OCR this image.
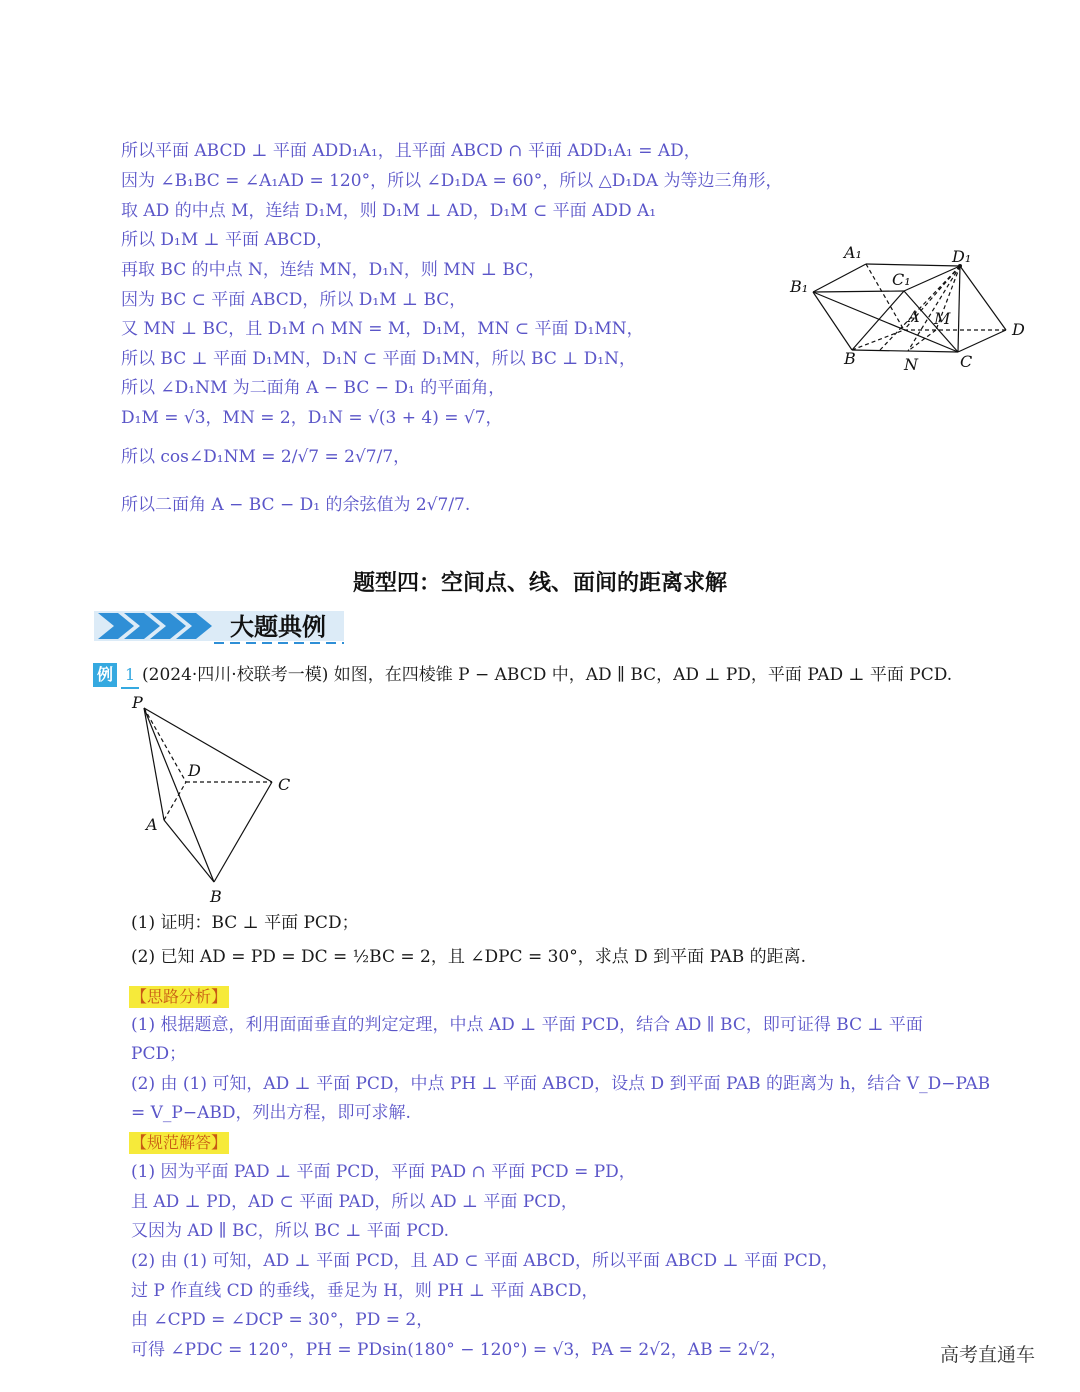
所以平面 ABCD ⊥ 平面 ADD₁A₁，且平面 ABCD ∩ 平面 ADD₁A₁ = AD，
因为 ∠B₁BC = ∠A₁AD = 120°，所以 ∠D₁DA = 60°，所以 △D₁DA 为等边三角形，
取 AD 的中点 M，连结 D₁M，则 D₁M ⊥ AD，D₁M ⊂ 平面 ADD A₁
所以 D₁M ⊥ 平面 ABCD，
再取 BC 的中点 N，连结 MN，D₁N，则 MN ⊥ BC，
因为 BC ⊂ 平面 ABCD，所以 D₁M ⊥ BC，
又 MN ⊥ BC，且 D₁M ∩ MN = M，D₁M，MN ⊂ 平面 D₁MN，
所以 BC ⊥ 平面 D₁MN，D₁N ⊂ 平面 D₁MN，所以 BC ⊥ D₁N，
所以 ∠D₁NM 为二面角 A − BC − D₁ 的平面角，
D₁M = √3，MN = 2，D₁N = √(3 + 4) = √7，
所以 cos∠D₁NM = 2/√7 = 2√7/7，
所以二面角 A − BC − D₁ 的余弦值为 2√7/7.
A₁	D₁
C₁
B₁
A M
D
B	N	C
题型四：空间点、线、面间的距离求解
大题典例
例 1 (2024·四川·校联考一模) 如图，在四棱锥 P − ABCD 中，AD ∥ BC，AD ⊥ PD，平面 PAD ⊥ 平面 PCD.
P
D
C
A
B
(1) 证明：BC ⊥ 平面 PCD；
(2) 已知 AD = PD = DC = ½BC = 2，且 ∠DPC = 30°，求点 D 到平面 PAB 的距离.
【思路分析】
(1) 根据题意，利用面面垂直的判定定理，中点 AD ⊥ 平面 PCD，结合 AD ∥ BC，即可证得 BC ⊥ 平面
PCD；
(2) 由 (1) 可知，AD ⊥ 平面 PCD，中点 PH ⊥ 平面 ABCD，设点 D 到平面 PAB 的距离为 h，结合 V_D−PAB
= V_P−ABD，列出方程，即可求解.
【规范解答】
(1) 因为平面 PAD ⊥ 平面 PCD，平面 PAD ∩ 平面 PCD = PD，
且 AD ⊥ PD，AD ⊂ 平面 PAD，所以 AD ⊥ 平面 PCD，
又因为 AD ∥ BC，所以 BC ⊥ 平面 PCD.
(2) 由 (1) 可知，AD ⊥ 平面 PCD，且 AD ⊂ 平面 ABCD，所以平面 ABCD ⊥ 平面 PCD，
过 P 作直线 CD 的垂线，垂足为 H，则 PH ⊥ 平面 ABCD，
由 ∠CPD = ∠DCP = 30°，PD = 2，
可得 ∠PDC = 120°，PH = PDsin(180° − 120°) = √3，PA = 2√2，AB = 2√2，	高考直通车
